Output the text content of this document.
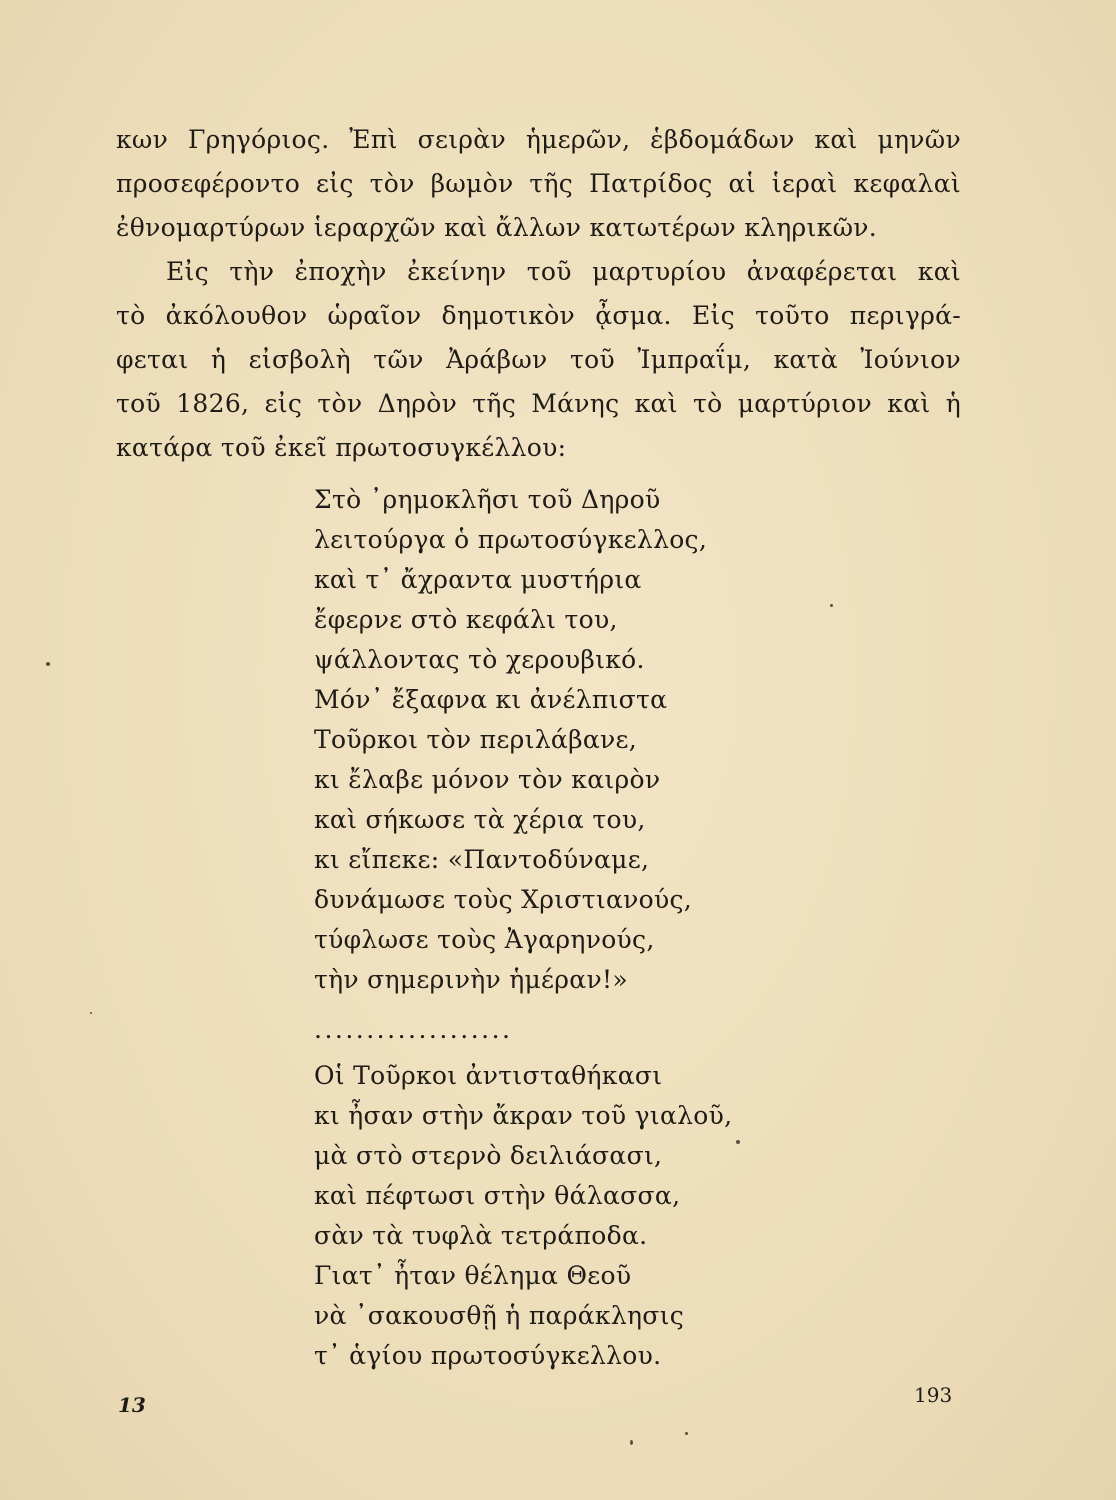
κων Γρηγόριος. Ἐπὶ σειρὰν ἡμερῶν, ἑβδομάδων καὶ μηνῶν
προσεφέροντο εἰς τὸν βωμὸν τῆς Πατρίδος αἱ ἱεραὶ κεφαλαὶ
ἐθνομαρτύρων ἱεραρχῶν καὶ ἄλλων κατωτέρων κληρικῶν.
Εἰς τὴν ἐποχὴν ἐκείνην τοῦ μαρτυρίου ἀναφέρεται καὶ
τὸ ἀκόλουθον ὡραῖον δημοτικὸν ᾆσμα. Εἰς τοῦτο περιγρά-
φεται ἡ εἰσβολὴ τῶν Ἀράβων τοῦ Ἰμπραΐμ, κατὰ Ἰούνιον
τοῦ 1826, εἰς τὸν Δηρὸν τῆς Μάνης καὶ τὸ μαρτύριον καὶ ἡ
κατάρα τοῦ ἐκεῖ πρωτοσυγκέλλου:
Στὸ ᾿ρημοκλῆσι τοῦ Δηροῦ
λειτούργα ὁ πρωτοσύγκελλος,
καὶ τ᾿ ἄχραντα μυστήρια
ἔφερνε στὸ κεφάλι του,
ψάλλοντας τὸ χερουβικό.
Μόν᾿ ἔξαφνα κι ἀνέλπιστα
Τοῦρκοι τὸν περιλάβανε,
κι ἔλαβε μόνον τὸν καιρὸν
καὶ σήκωσε τὰ χέρια του,
κι εἴπεκε: «Παντοδύναμε,
δυνάμωσε τοὺς Χριστιανούς,
τύφλωσε τοὺς Ἀγαρηνούς,
τὴν σημερινὴν ἡμέραν!»
...................
Οἱ Τοῦρκοι ἀντισταθήκασι
κι ἦσαν στὴν ἄκραν τοῦ γιαλοῦ,
μὰ στὸ στερνὸ δειλιάσασι,
καὶ πέφτωσι στὴν θάλασσα,
σὰν τὰ τυφλὰ τετράποδα.
Γιατ᾿ ἦταν θέλημα Θεοῦ
νὰ ᾿σακουσθῇ ἡ παράκλησις
τ᾿ ἁγίου πρωτοσύγκελλου.
13	193
